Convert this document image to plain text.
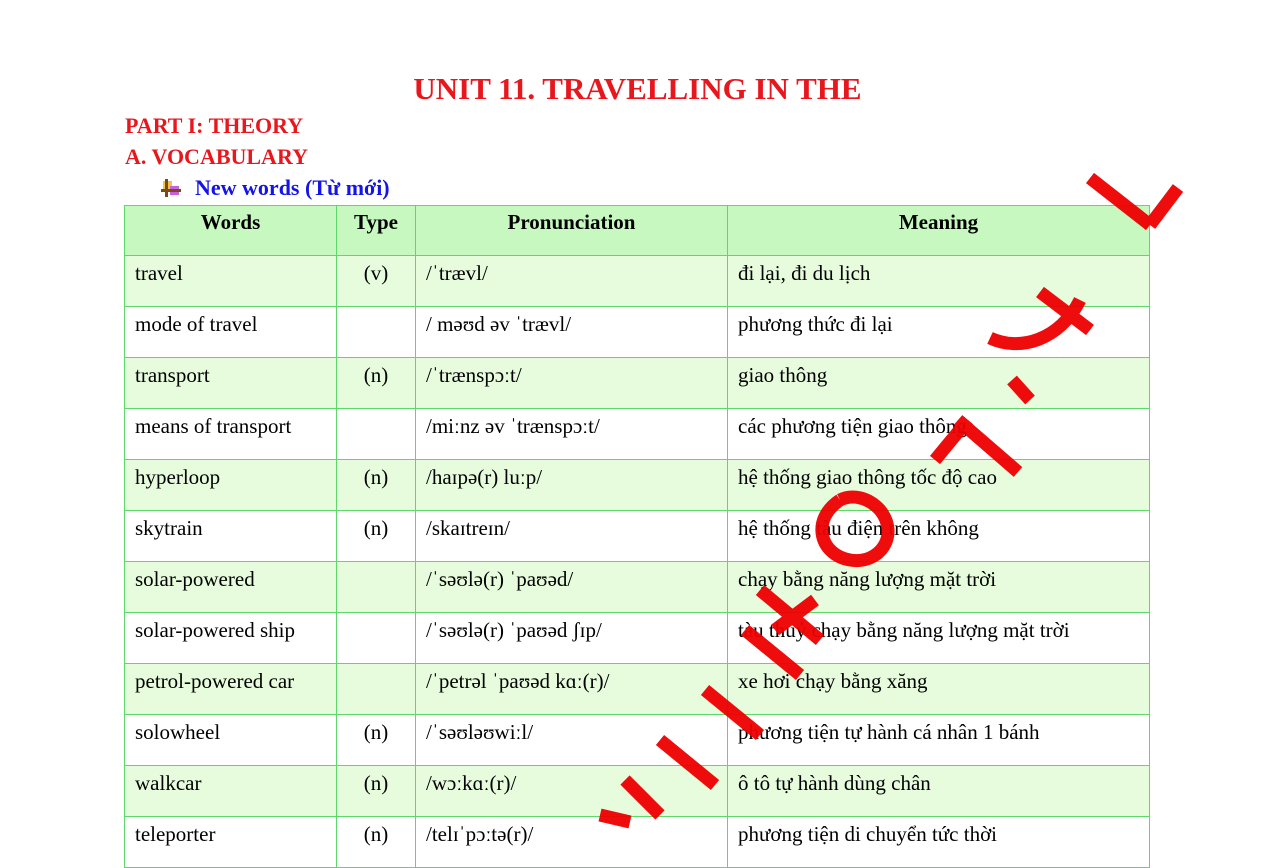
UNIT 11. TRAVELLING IN THE
PART I: THEORY
A. VOCABULARY
New words (Từ mới)
Words	Type	Pronunciation	Meaning
travel	(v)	/ˈtrævl/	đi lại, đi du lịch
mode of travel		/ məʊd əv ˈtrævl/	phương thức đi lại
transport	(n)	/ˈtrænspɔːt/	giao thông
means of transport		/miːnz əv ˈtrænspɔːt/	các phương tiện giao thông
hyperloop	(n)	/haɪpə(r) luːp/	hệ thống giao thông tốc độ cao
skytrain	(n)	/skaɪtreɪn/	hệ thống tàu điện trên không
solar-powered		/ˈsəʊlə(r) ˈpaʊəd/	chạy bằng năng lượng mặt trời
solar-powered ship		/ˈsəʊlə(r) ˈpaʊəd ʃɪp/	tàu thuỷ chạy bằng năng lượng mặt trời
petrol-powered car		/ˈpetrəl ˈpaʊəd kɑː(r)/	xe hơi chạy bằng xăng
solowheel	(n)	/ˈsəʊləʊwiːl/	phương tiện tự hành cá nhân 1 bánh
walkcar	(n)	/wɔːkɑː(r)/	ô tô tự hành dùng chân
teleporter	(n)	/telɪˈpɔːtə(r)/	phương tiện di chuyển tức thời
